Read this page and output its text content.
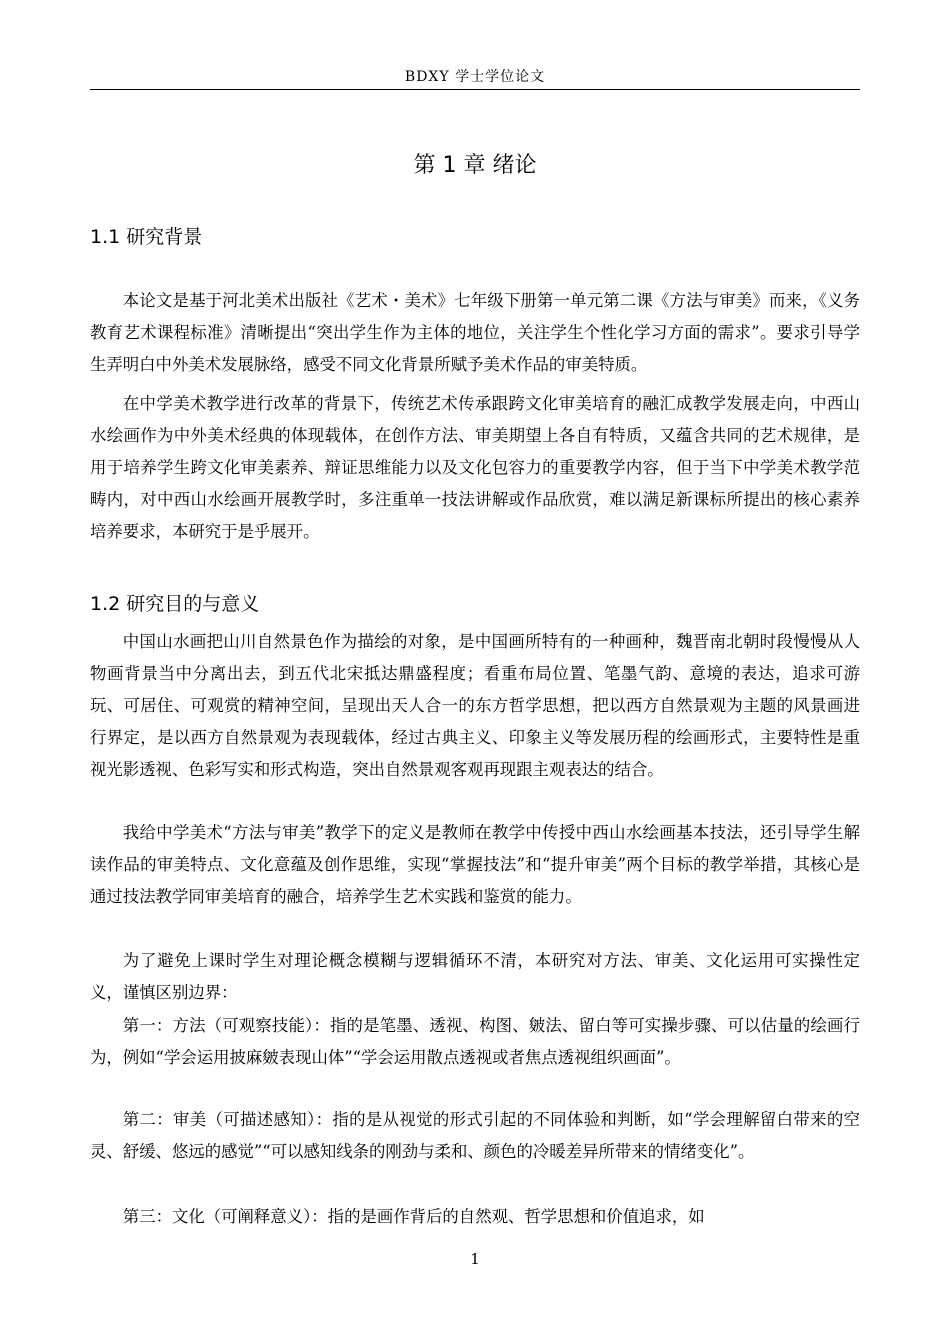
BDXY 学士学位论文
第 1 章 绪论
1.1 研究背景

本论文是基于河北美术出版社《艺术・美术》七年级下册第一单元第二课《方法与审美》而来，《义务教育艺术课程标准》清晰提出“突出学生作为主体的地位，关注学生个性化学习方面的需求”。要求引导学生弄明白中外美术发展脉络，感受不同文化背景所赋予美术作品的审美特质。

在中学美术教学进行改革的背景下，传统艺术传承跟跨文化审美培育的融汇成教学发展走向，中西山水绘画作为中外美术经典的体现载体，在创作方法、审美期望上各自有特质，又蕴含共同的艺术规律，是用于培养学生跨文化审美素养、辩证思维能力以及文化包容力的重要教学内容，但于当下中学美术教学范畴内，对中西山水绘画开展教学时，多注重单一技法讲解或作品欣赏，难以满足新课标所提出的核心素养培养要求，本研究于是乎展开。

1.2 研究目的与意义

中国山水画把山川自然景色作为描绘的对象，是中国画所特有的一种画种，魏晋南北朝时段慢慢从人物画背景当中分离出去，到五代北宋抵达鼎盛程度；看重布局位置、笔墨气韵、意境的表达，追求可游玩、可居住、可观赏的精神空间，呈现出天人合一的东方哲学思想，把以西方自然景观为主题的风景画进行界定，是以西方自然景观为表现载体，经过古典主义、印象主义等发展历程的绘画形式，主要特性是重视光影透视、色彩写实和形式构造，突出自然景观客观再现跟主观表达的结合。

我给中学美术“方法与审美”教学下的定义是教师在教学中传授中西山水绘画基本技法，还引导学生解读作品的审美特点、文化意蕴及创作思维，实现“掌握技法”和“提升审美”两个目标的教学举措，其核心是通过技法教学同审美培育的融合，培养学生艺术实践和鉴赏的能力。

为了避免上课时学生对理论概念模糊与逻辑循环不清，本研究对方法、审美、文化运用可实操性定义，谨慎区别边界：

第一：方法（可观察技能）：指的是笔墨、透视、构图、皴法、留白等可实操步骤、可以估量的绘画行为，例如“学会运用披麻皴表现山体”“学会运用散点透视或者焦点透视组织画面”。

第二：审美（可描述感知）：指的是从视觉的形式引起的不同体验和判断，如“学会理解留白带来的空灵、舒缓、悠远的感觉”“可以感知线条的刚劲与柔和、颜色的冷暖差异所带来的情绪变化”。

第三：文化（可阐释意义）：指的是画作背后的自然观、哲学思想和价值追求，如

1
